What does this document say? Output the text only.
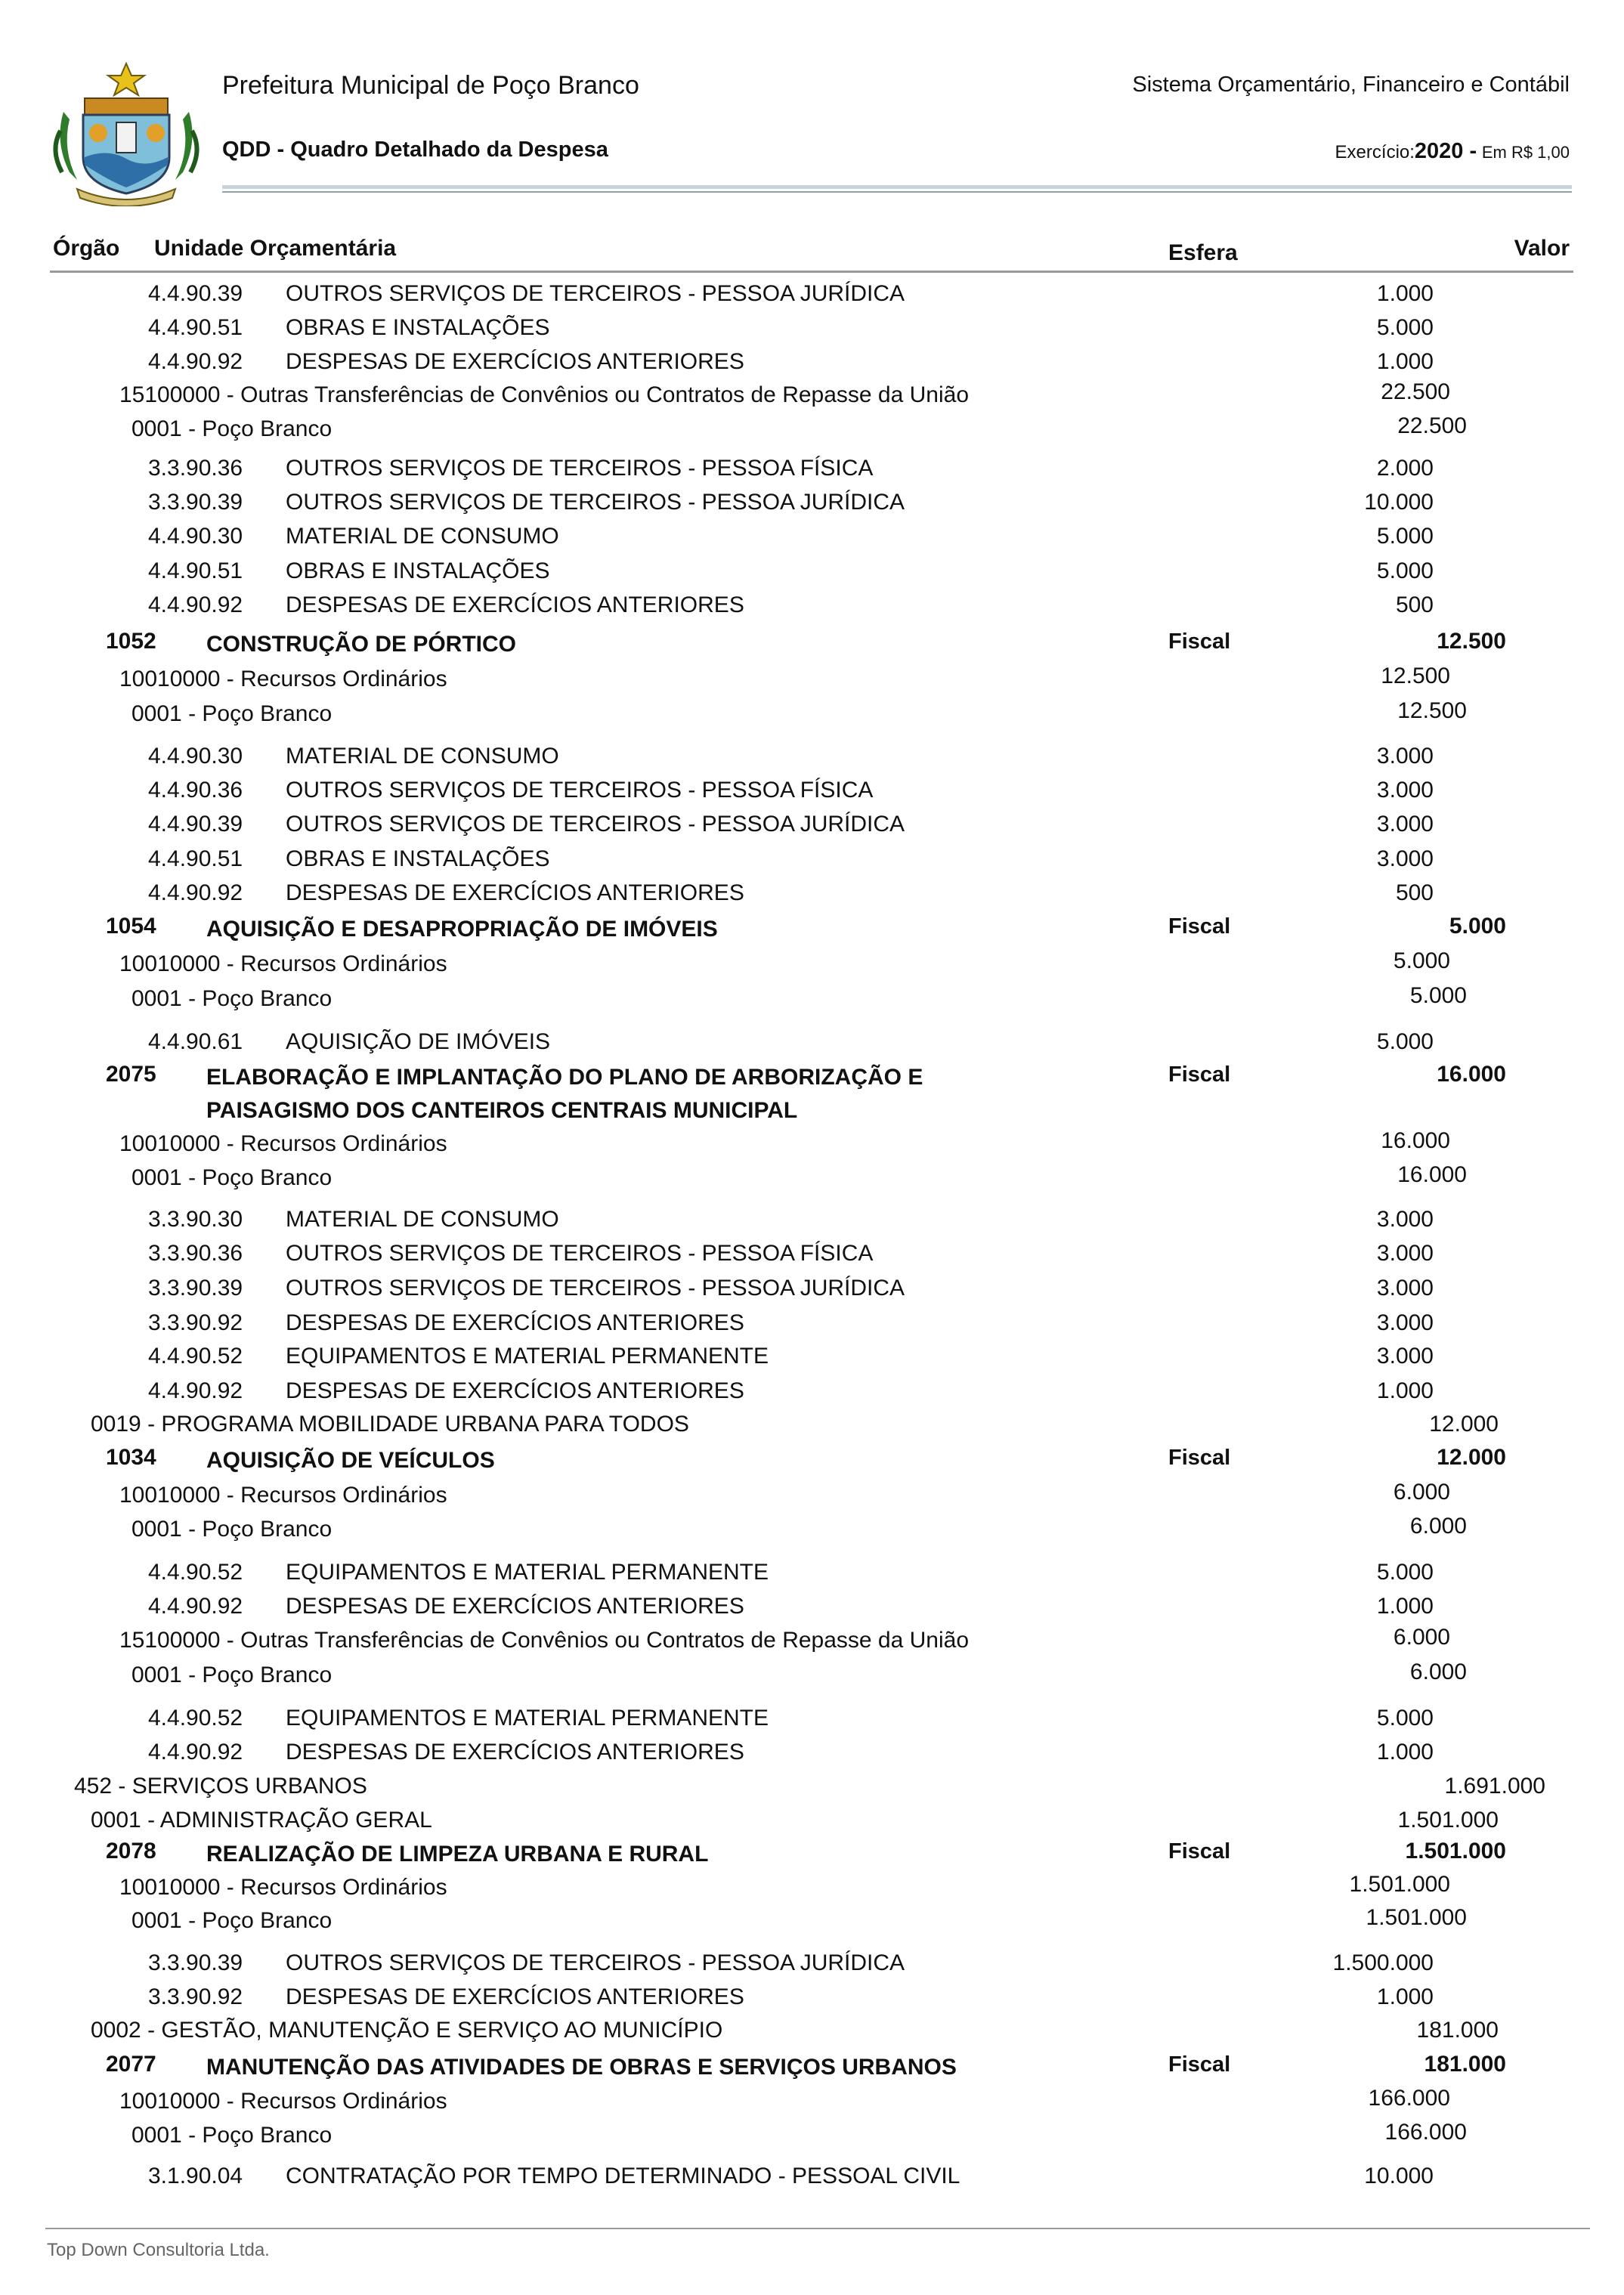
Prefeitura Municipal de Poço Branco
QDD - Quadro Detalhado da Despesa
Sistema Orçamentário, Financeiro e Contábil
Exercício:2020 - Em R$ 1,00
Órgão Unidade Orçamentária	Esfera	Valor
4.4.90.39 OUTROS SERVIÇOS DE TERCEIROS - PESSOA JURÍDICA	1.000
4.4.90.51 OBRAS E INSTALAÇÕES	5.000
4.4.90.92 DESPESAS DE EXERCÍCIOS ANTERIORES	1.000
15100000 - Outras Transferências de Convênios ou Contratos de Repasse da União	22.500
0001 - Poço Branco	22.500
3.3.90.36 OUTROS SERVIÇOS DE TERCEIROS - PESSOA FÍSICA	2.000
3.3.90.39 OUTROS SERVIÇOS DE TERCEIROS - PESSOA JURÍDICA	10.000
4.4.90.30 MATERIAL DE CONSUMO	5.000
4.4.90.51 OBRAS E INSTALAÇÕES	5.000
4.4.90.92 DESPESAS DE EXERCÍCIOS ANTERIORES	500
1052 CONSTRUÇÃO DE PÓRTICO	Fiscal	12.500
10010000 - Recursos Ordinários	12.500
0001 - Poço Branco	12.500
4.4.90.30 MATERIAL DE CONSUMO	3.000
4.4.90.36 OUTROS SERVIÇOS DE TERCEIROS - PESSOA FÍSICA	3.000
4.4.90.39 OUTROS SERVIÇOS DE TERCEIROS - PESSOA JURÍDICA	3.000
4.4.90.51 OBRAS E INSTALAÇÕES	3.000
4.4.90.92 DESPESAS DE EXERCÍCIOS ANTERIORES	500
1054 AQUISIÇÃO E DESAPROPRIAÇÃO DE IMÓVEIS	Fiscal	5.000
10010000 - Recursos Ordinários	5.000
0001 - Poço Branco	5.000
4.4.90.61 AQUISIÇÃO DE IMÓVEIS	5.000
2075 ELABORAÇÃO E IMPLANTAÇÃO DO PLANO DE ARBORIZAÇÃO E
PAISAGISMO DOS CANTEIROS CENTRAIS MUNICIPAL
Fiscal	16.000
10010000 - Recursos Ordinários	16.000
0001 - Poço Branco	16.000
3.3.90.30 MATERIAL DE CONSUMO	3.000
3.3.90.36 OUTROS SERVIÇOS DE TERCEIROS - PESSOA FÍSICA	3.000
3.3.90.39 OUTROS SERVIÇOS DE TERCEIROS - PESSOA JURÍDICA	3.000
3.3.90.92 DESPESAS DE EXERCÍCIOS ANTERIORES	3.000
4.4.90.52 EQUIPAMENTOS E MATERIAL PERMANENTE	3.000
4.4.90.92 DESPESAS DE EXERCÍCIOS ANTERIORES	1.000
0019 - PROGRAMA MOBILIDADE URBANA PARA TODOS	12.000
1034 AQUISIÇÃO DE VEÍCULOS	Fiscal	12.000
10010000 - Recursos Ordinários	6.000
0001 - Poço Branco	6.000
4.4.90.52 EQUIPAMENTOS E MATERIAL PERMANENTE	5.000
4.4.90.92 DESPESAS DE EXERCÍCIOS ANTERIORES	1.000
15100000 - Outras Transferências de Convênios ou Contratos de Repasse da União	6.000
0001 - Poço Branco	6.000
4.4.90.52 EQUIPAMENTOS E MATERIAL PERMANENTE	5.000
4.4.90.92 DESPESAS DE EXERCÍCIOS ANTERIORES	1.000
452 - SERVIÇOS URBANOS	1.691.000
0001 - ADMINISTRAÇÃO GERAL	1.501.000
2078 REALIZAÇÃO DE LIMPEZA URBANA E RURAL	Fiscal	1.501.000
10010000 - Recursos Ordinários	1.501.000
0001 - Poço Branco	1.501.000
3.3.90.39 OUTROS SERVIÇOS DE TERCEIROS - PESSOA JURÍDICA	1.500.000
3.3.90.92 DESPESAS DE EXERCÍCIOS ANTERIORES	1.000
0002 - GESTÃO, MANUTENÇÃO E SERVIÇO AO MUNICÍPIO	181.000
2077 MANUTENÇÃO DAS ATIVIDADES DE OBRAS E SERVIÇOS URBANOS	Fiscal	181.000
10010000 - Recursos Ordinários	166.000
0001 - Poço Branco	166.000
3.1.90.04 CONTRATAÇÃO POR TEMPO DETERMINADO - PESSOAL CIVIL	10.000
Top Down Consultoria Ltda.
